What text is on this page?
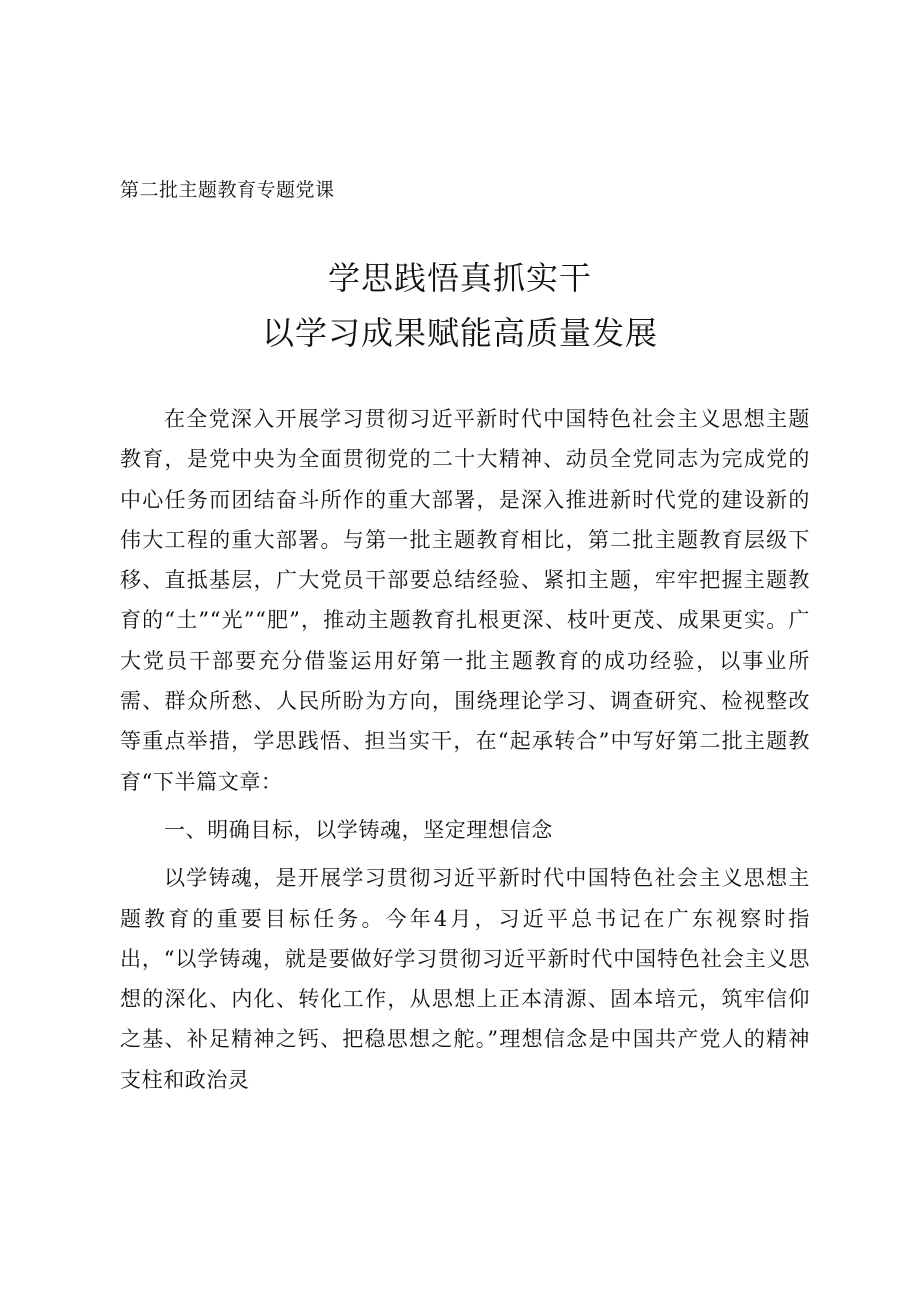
第二批主题教育专题党课
学思践悟真抓实干
以学习成果赋能高质量发展

在全党深入开展学习贯彻习近平新时代中国特色社会主义思想主题教育，是党中央为全面贯彻党的二十大精神、动员全党同志为完成党的中心任务而团结奋斗所作的重大部署，是深入推进新时代党的建设新的伟大工程的重大部署。与第一批主题教育相比，第二批主题教育层级下移、直抵基层，广大党员干部要总结经验、紧扣主题，牢牢把握主题教育的“土”“光”“肥”，推动主题教育扎根更深、枝叶更茂、成果更实。广大党员干部要充分借鉴运用好第一批主题教育的成功经验，以事业所需、群众所愁、人民所盼为方向，围绕理论学习、调查研究、检视整改等重点举措，学思践悟、担当实干，在“起承转合”中写好第二批主题教育“下半篇文章：

一、明确目标，以学铸魂，坚定理想信念

以学铸魂，是开展学习贯彻习近平新时代中国特色社会主义思想主题教育的重要目标任务。今年4月，习近平总书记在广东视察时指出，“以学铸魂，就是要做好学习贯彻习近平新时代中国特色社会主义思想的深化、内化、转化工作，从思想上正本清源、固本培元，筑牢信仰之基、补足精神之钙、把稳思想之舵。”理想信念是中国共产党人的精神支柱和政治灵
